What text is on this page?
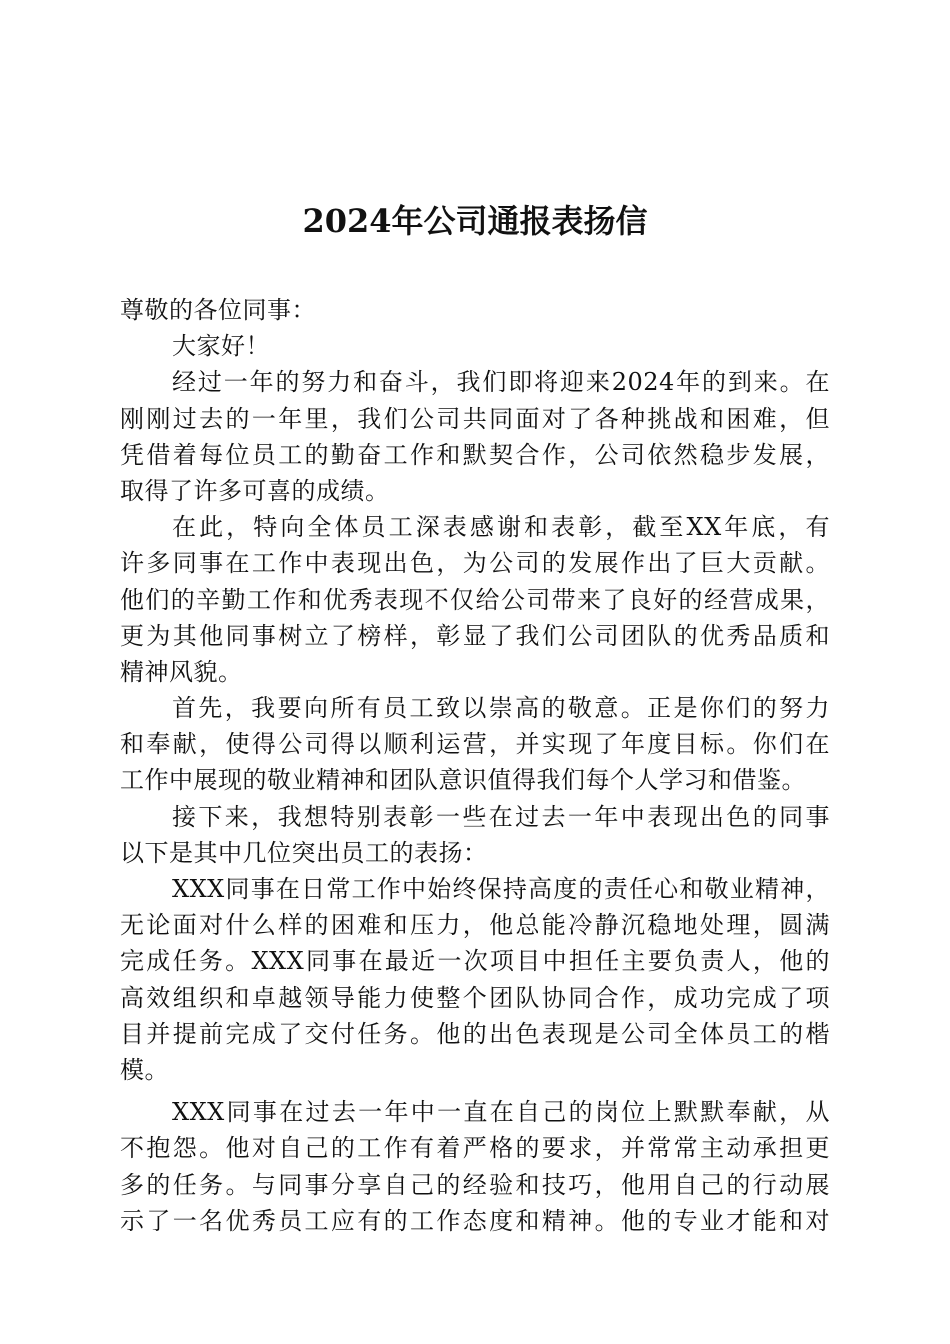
2024年公司通报表扬信
尊敬的各位同事：
大家好！
经过一年的努力和奋斗，我们即将迎来2024年的到来。在
刚刚过去的一年里，我们公司共同面对了各种挑战和困难，但
凭借着每位员工的勤奋工作和默契合作，公司依然稳步发展，
取得了许多可喜的成绩。
在此，特向全体员工深表感谢和表彰，截至XX年底，有
许多同事在工作中表现出色，为公司的发展作出了巨大贡献。
他们的辛勤工作和优秀表现不仅给公司带来了良好的经营成果，
更为其他同事树立了榜样，彰显了我们公司团队的优秀品质和
精神风貌。
首先，我要向所有员工致以崇高的敬意。正是你们的努力
和奉献，使得公司得以顺利运营，并实现了年度目标。你们在
工作中展现的敬业精神和团队意识值得我们每个人学习和借鉴。
接下来，我想特别表彰一些在过去一年中表现出色的同事
以下是其中几位突出员工的表扬：
XXX同事在日常工作中始终保持高度的责任心和敬业精神，
无论面对什么样的困难和压力，他总能冷静沉稳地处理，圆满
完成任务。XXX同事在最近一次项目中担任主要负责人，他的
高效组织和卓越领导能力使整个团队协同合作，成功完成了项
目并提前完成了交付任务。他的出色表现是公司全体员工的楷
模。
XXX同事在过去一年中一直在自己的岗位上默默奉献，从
不抱怨。他对自己的工作有着严格的要求，并常常主动承担更
多的任务。与同事分享自己的经验和技巧，他用自己的行动展
示了一名优秀员工应有的工作态度和精神。他的专业才能和对
